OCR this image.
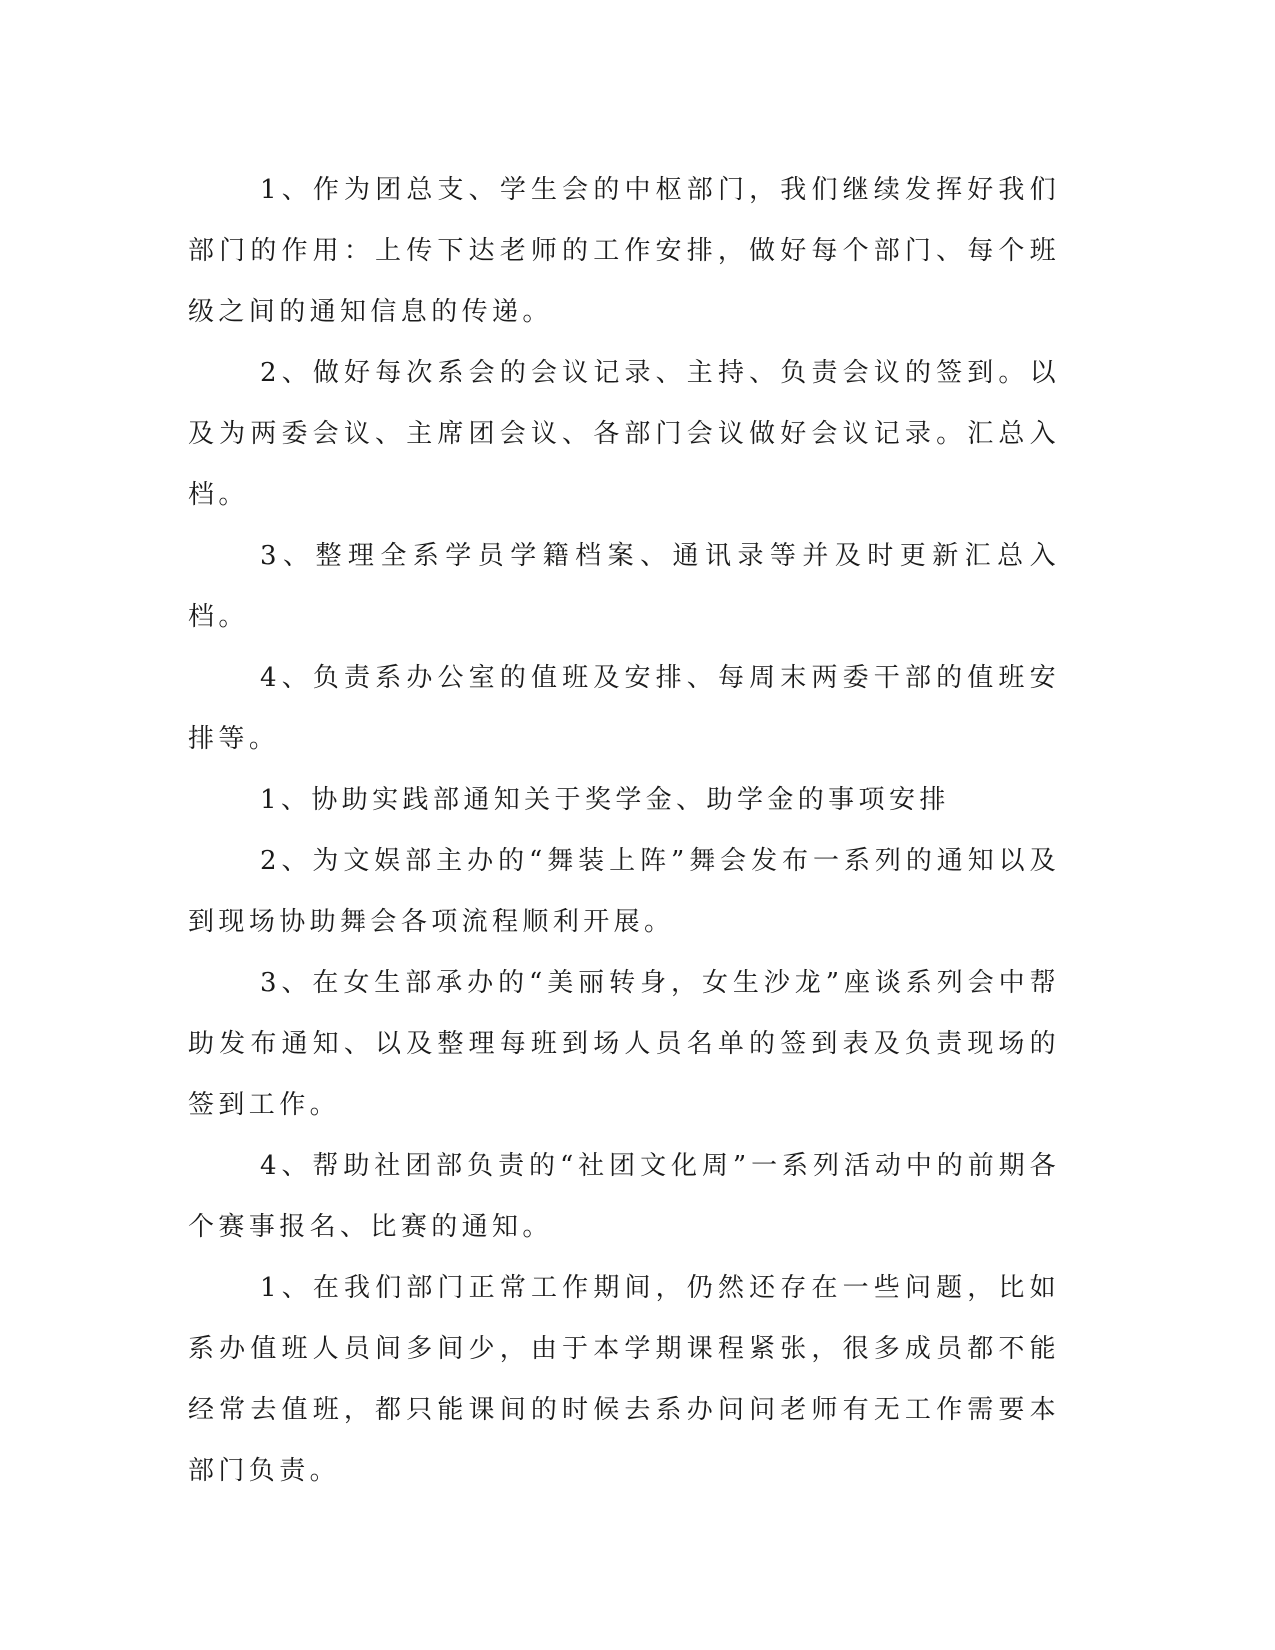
1、作为团总支、学生会的中枢部门，我们继续发挥好我们部门的作用：上传下达老师的工作安排，做好每个部门、每个班级之间的通知信息的传递。

2、做好每次系会的会议记录、主持、负责会议的签到。以及为两委会议、主席团会议、各部门会议做好会议记录。汇总入档。

3、整理全系学员学籍档案、通讯录等并及时更新汇总入档。

4、负责系办公室的值班及安排、每周末两委干部的值班安排等。

1、协助实践部通知关于奖学金、助学金的事项安排

2、为文娱部主办的“舞装上阵”舞会发布一系列的通知以及到现场协助舞会各项流程顺利开展。

3、在女生部承办的“美丽转身，女生沙龙”座谈系列会中帮助发布通知、以及整理每班到场人员名单的签到表及负责现场的签到工作。

4、帮助社团部负责的“社团文化周”一系列活动中的前期各个赛事报名、比赛的通知。

1、在我们部门正常工作期间，仍然还存在一些问题，比如系办值班人员间多间少，由于本学期课程紧张，很多成员都不能经常去值班，都只能课间的时候去系办问问老师有无工作需要本部门负责。
